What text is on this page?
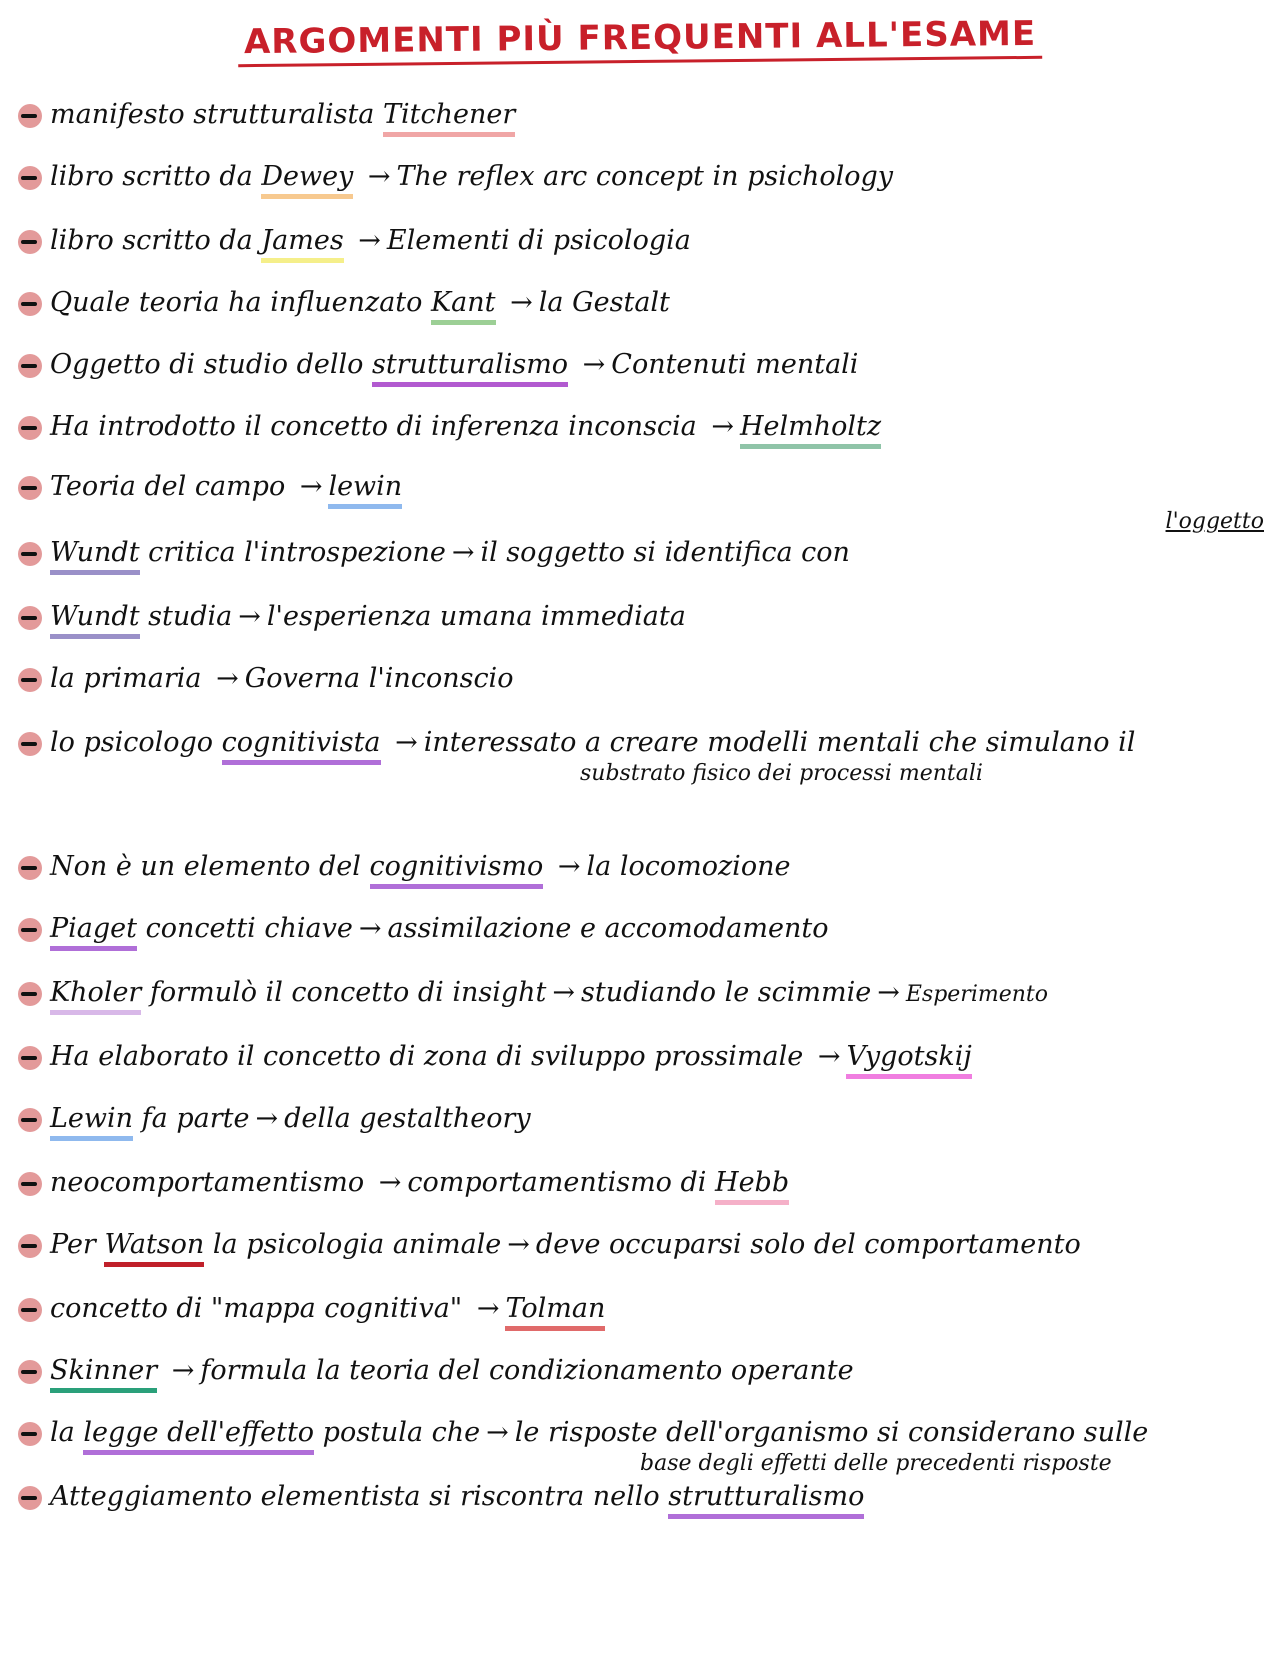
ARGOMENTI PIÙ FREQUENTI ALL'ESAME
manifesto strutturalista Titchener
libro scritto da Dewey → The reflex arc concept in psichology
libro scritto da James → Elementi di psicologia
Quale teoria ha influenzato Kant → la Gestalt
Oggetto di studio dello strutturalismo → Contenuti mentali
Ha introdotto il concetto di inferenza inconscia → Helmholtz
Teoria del campo → lewin
Wundt critica l'introspezione → il soggetto si identifica con
l'oggetto
Wundt studia → l'esperienza umana immediata
la primaria → Governa l'inconscio
lo psicologo cognitivista → interessato a creare modelli mentali che simulano il
substrato fisico dei processi mentali
Non è un elemento del cognitivismo → la locomozione
Piaget concetti chiave → assimilazione e accomodamento
Kholer formulò il concetto di insight → studiando le scimmie → Esperimento
Ha elaborato il concetto di zona di sviluppo prossimale → Vygotskij
Lewin fa parte → della gestaltheory
neocomportamentismo → comportamentismo di Hebb
Per Watson la psicologia animale → deve occuparsi solo del comportamento
concetto di "mappa cognitiva" → Tolman
Skinner → formula la teoria del condizionamento operante
la legge dell'effetto postula che → le risposte dell'organismo si considerano sulle
base degli effetti delle precedenti risposte
Atteggiamento elementista si riscontra nello strutturalismo
